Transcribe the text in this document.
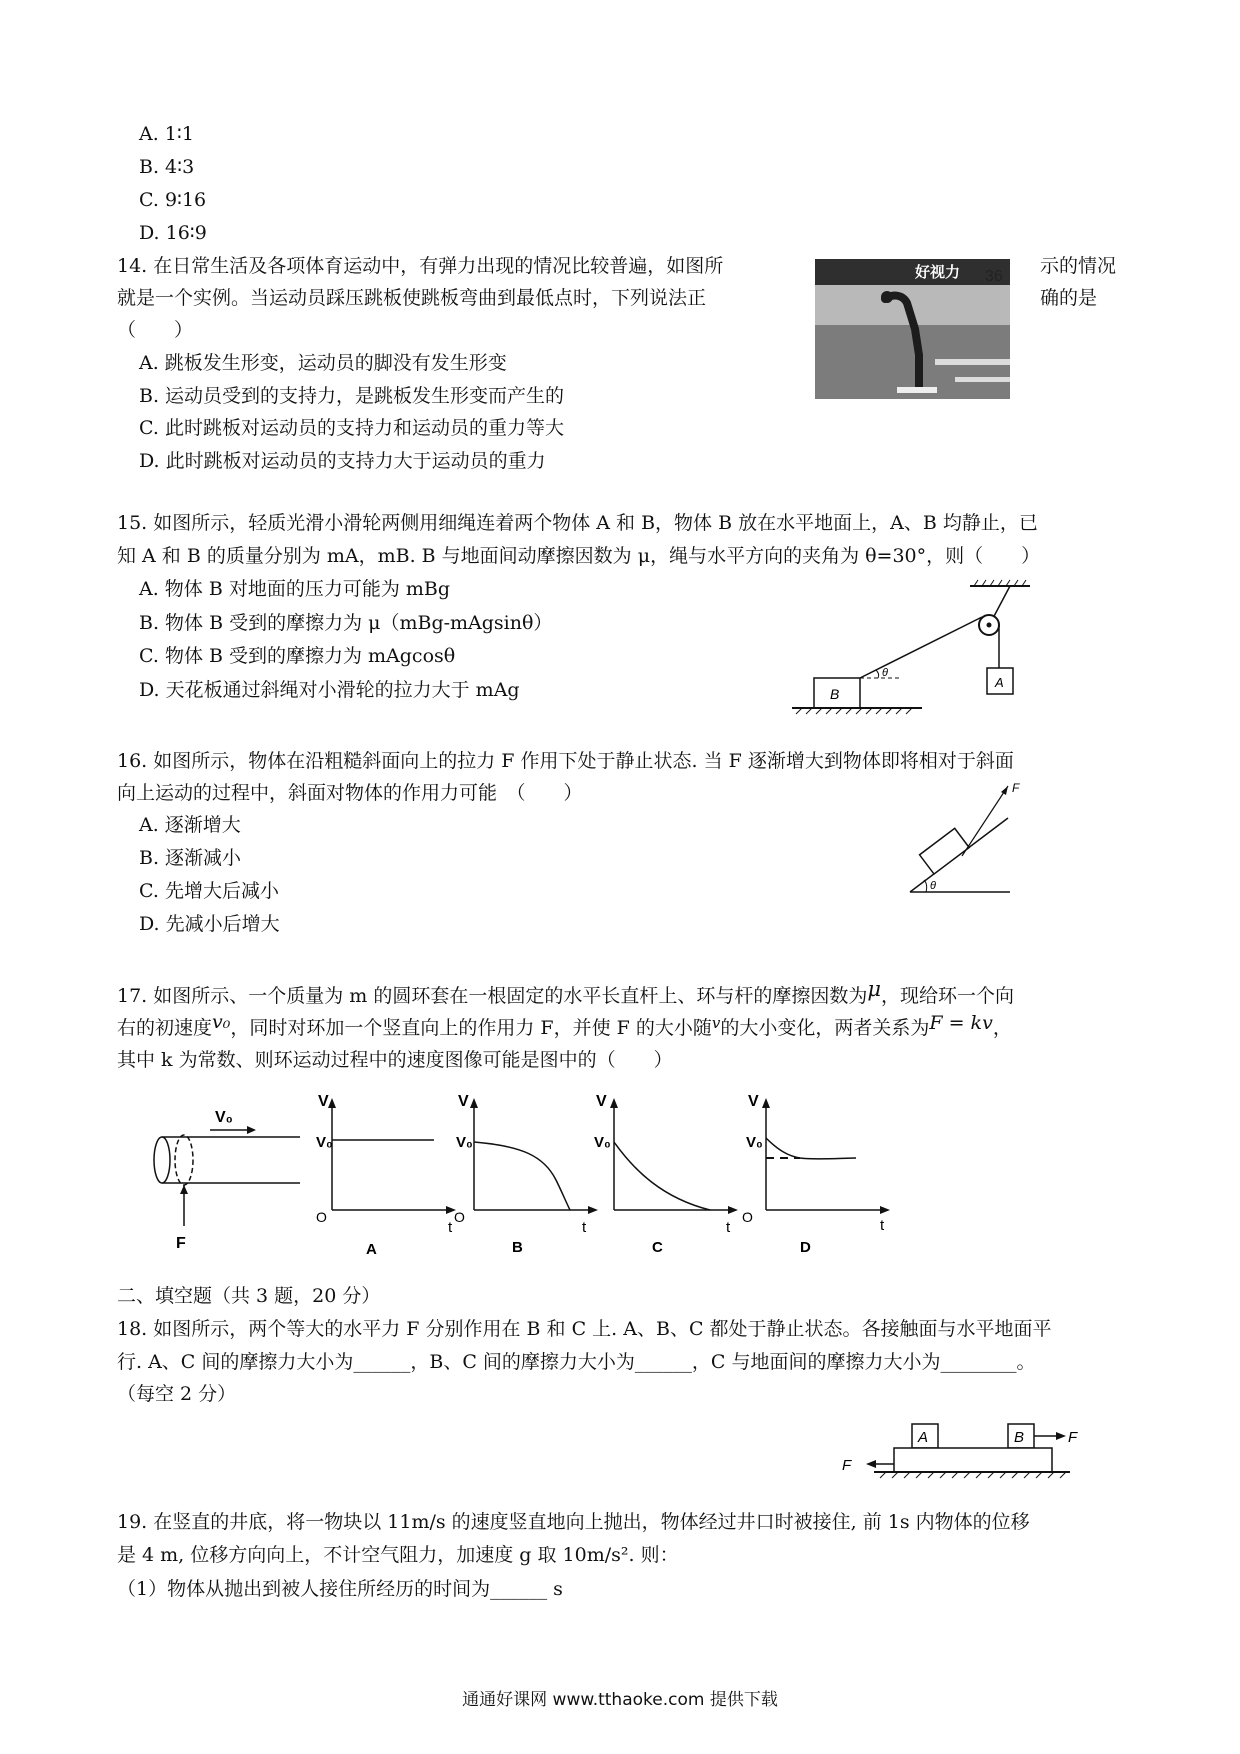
A. 1∶1
B. 4∶3
C. 9∶16
D. 16∶9
14. 在日常生活及各项体育运动中，有弹力出现的情况比较普遍，如图所	示的情况
就是一个实例。当运动员踩压跳板使跳板弯曲到最低点时，下列说法正	确的是
（　　）
好视力 36
A. 跳板发生形变，运动员的脚没有发生形变
B. 运动员受到的支持力，是跳板发生形变而产生的
C. 此时跳板对运动员的支持力和运动员的重力等大
D. 此时跳板对运动员的支持力大于运动员的重力
15. 如图所示，轻质光滑小滑轮两侧用细绳连着两个物体 A 和 B，物体 B 放在水平地面上，A、B 均静止，已
知 A 和 B 的质量分别为 mA，mB. B 与地面间动摩擦因数为 μ，绳与水平方向的夹角为 θ=30°，则（　　）
A. 物体 B 对地面的压力可能为 mBg
B. 物体 B 受到的摩擦力为 μ（mBg-mAgsinθ）
C. 物体 B 受到的摩擦力为 mAgcosθ
D. 天花板通过斜绳对小滑轮的拉力大于 mAg	A
B
θ
16. 如图所示，物体在沿粗糙斜面向上的拉力 F 作用下处于静止状态. 当 F 逐渐增大到物体即将相对于斜面
向上运动的过程中，斜面对物体的作用力可能　（　　）
A. 逐渐增大
B. 逐渐减小
C. 先增大后减小
D. 先减小后增大
F
θ
17. 如图所示、一个质量为 m 的圆环套在一根固定的水平长直杆上、环与杆的摩擦因数为μ，现给环一个向
右的初速度v₀，同时对环加一个竖直向上的作用力 F，并使 F 的大小随$^v$的大小变化，两者关系为F = kv，
其中 k 为常数、则环运动过程中的速度图像可能是图中的（　　）
V₀
F
V
V₀
O
t
A
V
V₀
O
t
B
V
V₀
t
C
V
V₀
O	t
D
二、填空题（共 3 题，20 分）
18. 如图所示，两个等大的水平力 F 分别作用在 B 和 C 上. A、B、C 都处于静止状态。各接触面与水平地面平
行. A、C 间的摩擦力大小为______，B、C 间的摩擦力大小为______，C 与地面间的摩擦力大小为________。
（每空 2 分）
A	B	F
F
19. 在竖直的井底，将一物块以 11m/s 的速度竖直地向上抛出，物体经过井口时被接住, 前 1s 内物体的位移
是 4 m, 位移方向向上，不计空气阻力，加速度 g 取 10m/s². 则：
（1）物体从抛出到被人接住所经历的时间为______ s
通通好课网 www.tthaoke.com 提供下载
